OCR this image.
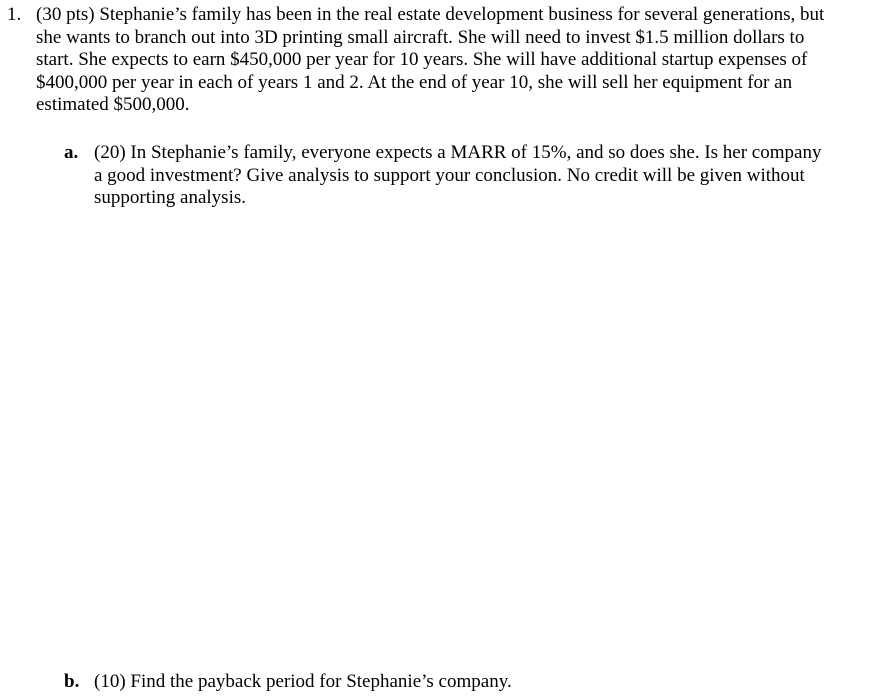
1. (30 pts) Stephanie’s family has been in the real estate development business for several generations, but
she wants to branch out into 3D printing small aircraft. She will need to invest $1.5 million dollars to
start. She expects to earn $450,000 per year for 10 years. She will have additional startup expenses of
$400,000 per year in each of years 1 and 2. At the end of year 10, she will sell her equipment for an
estimated $500,000.
a. (20) In Stephanie’s family, everyone expects a MARR of 15%, and so does she. Is her company
a good investment? Give analysis to support your conclusion. No credit will be given without
supporting analysis.
b. (10) Find the payback period for Stephanie’s company.
